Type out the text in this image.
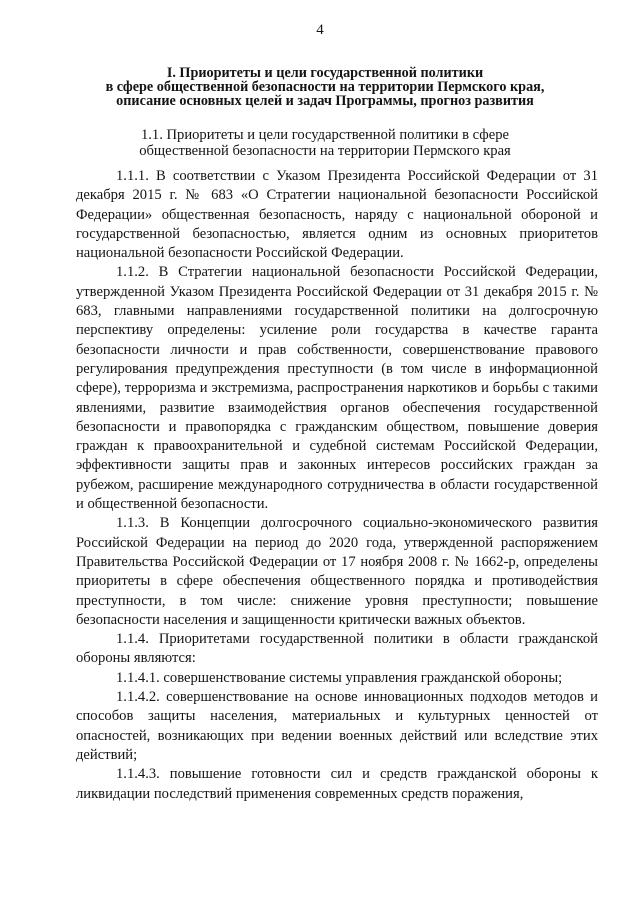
4
I. Приоритеты и цели государственной политики
в сфере общественной безопасности на территории Пермского края,
описание основных целей и задач Программы, прогноз развития
1.1. Приоритеты и цели государственной политики в сфере
общественной безопасности на территории Пермского края

1.1.1. В соответствии с Указом Президента Российской Федерации от 31 декабря 2015 г. № 683 «О Стратегии национальной безопасности Российской Федерации» общественная безопасность, наряду с национальной обороной и государственной безопасностью, является одним из основных приоритетов национальной безопасности Российской Федерации.

1.1.2. В Стратегии национальной безопасности Российской Федерации, утвержденной Указом Президента Российской Федерации от 31 декабря 2015 г. № 683, главными направлениями государственной политики на долгосрочную перспективу определены: усиление роли государства в качестве гаранта безопасности личности и прав собственности, совершенствование правового регулирования предупреждения преступности (в том числе в информационной сфере), терроризма и экстремизма, распространения наркотиков и борьбы с такими явлениями, развитие взаимодействия органов обеспечения государственной безопасности и правопорядка с гражданским обществом, повышение доверия граждан к правоохранительной и судебной системам Российской Федерации, эффективности защиты прав и законных интересов российских граждан за рубежом, расширение международного сотрудничества в области государственной и общественной безопасности.

1.1.3. В Концепции долгосрочного социально-экономического развития Российской Федерации на период до 2020 года, утвержденной распоряжением Правительства Российской Федерации от 17 ноября 2008 г. № 1662-р, определены приоритеты в сфере обеспечения общественного порядка и противодействия преступности, в том числе: снижение уровня преступности; повышение безопасности населения и защищенности критически важных объектов.

1.1.4. Приоритетами государственной политики в области гражданской обороны являются:

1.1.4.1. совершенствование системы управления гражданской обороны;

1.1.4.2. совершенствование на основе инновационных подходов методов и способов защиты населения, материальных и культурных ценностей от опасностей, возникающих при ведении военных действий или вследствие этих действий;

1.1.4.3. повышение готовности сил и средств гражданской обороны к ликвидации последствий применения современных средств поражения,
